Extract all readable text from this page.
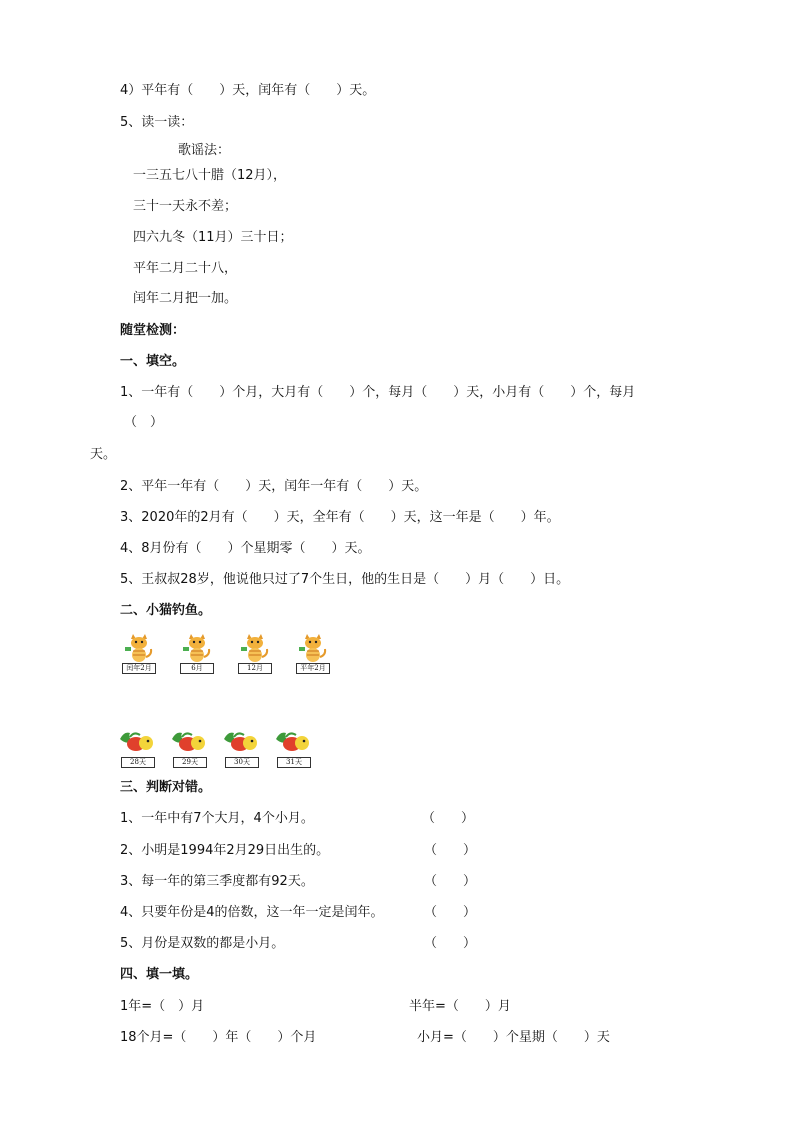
4）平年有（　　）天，闰年有（　　）天。
5、读一读：
歌谣法：
一三五七八十腊（12月），
三十一天永不差；
四六九冬（11月）三十日；
平年二月二十八，
闰年二月把一加。
随堂检测：
一、填空。
1、一年有（　　）个月，大月有（　　）个，每月（　　）天，小月有（　　）个，每月
（　）
天。
2、平年一年有（　　）天，闰年一年有（　　）天。
3、2020年的2月有（　　）天，全年有（　　）天，这一年是（　　）年。
4、8月份有（　　）个星期零（　　）天。
5、王叔叔28岁，他说他只过了7个生日，他的生日是（　　）月（　　）日。
二、小猫钓鱼。
闰年2月	6月	12月	平年2月
28天	29天	30天	31天
三、判断对错。
1、一年中有7个大月，4个小月。	（　　）
2、小明是1994年2月29日出生的。	（　　）
3、每一年的第三季度都有92天。	（　　）
4、只要年份是4的倍数，这一年一定是闰年。	（　　）
5、月份是双数的都是小月。	（　　）
四、填一填。
1年=（　）月	半年=（　　）月
18个月=（　　）年（　　）个月	小月=（　　）个星期（　　）天
